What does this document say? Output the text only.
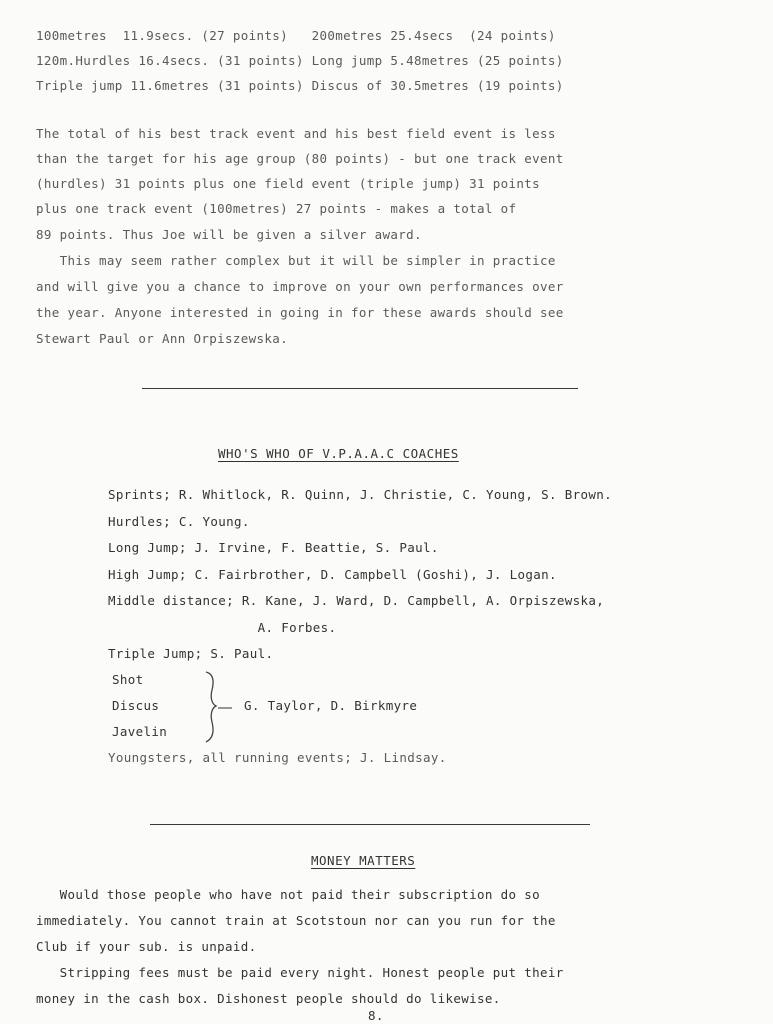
100metres  11.9secs. (27 points)   200metres 25.4secs  (24 points)
120m.Hurdles 16.4secs. (31 points) Long jump 5.48metres (25 points)
Triple jump 11.6metres (31 points) Discus of 30.5metres (19 points)
The total of his best track event and his best field event is less
than the target for his age group (80 points) - but one track event
(hurdles) 31 points plus one field event (triple jump) 31 points
plus one track event (100metres) 27 points - makes a total of
89 points. Thus Joe will be given a silver award.
This may seem rather complex but it will be simpler in practice
and will give you a chance to improve on your own performances over
the year. Anyone interested in going in for these awards should see
Stewart Paul or Ann Orpiszewska.
WHO'S WHO OF V.P.A.A.C COACHES
Sprints; R. Whitlock, R. Quinn, J. Christie, C. Young, S. Brown.
Hurdles; C. Young.
Long Jump; J. Irvine, F. Beattie, S. Paul.
High Jump; C. Fairbrother, D. Campbell (Goshi), J. Logan.
Middle distance; R. Kane, J. Ward, D. Campbell, A. Orpiszewska,
A. Forbes.
Triple Jump; S. Paul.
Shot
Discus
Javelin
G. Taylor, D. Birkmyre
Youngsters, all running events; J. Lindsay.
MONEY MATTERS
Would those people who have not paid their subscription do so
immediately. You cannot train at Scotstoun nor can you run for the
Club if your sub. is unpaid.
Stripping fees must be paid every night. Honest people put their
money in the cash box. Dishonest people should do likewise.
8.
